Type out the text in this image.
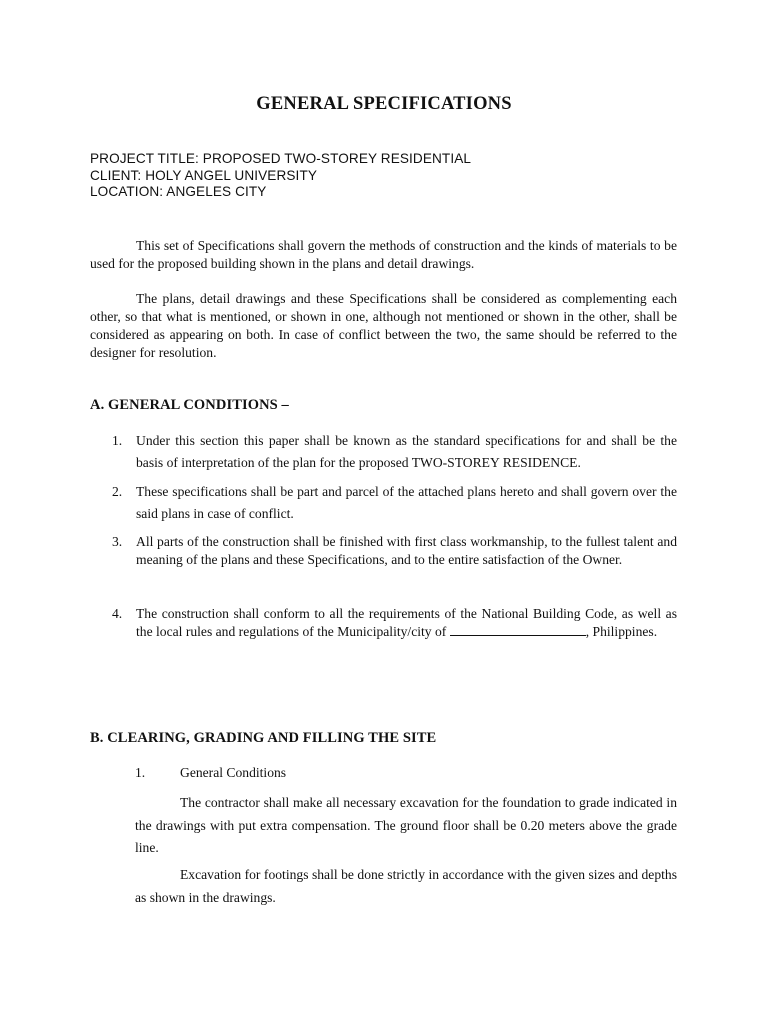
GENERAL SPECIFICATIONS
PROJECT TITLE: PROPOSED TWO-STOREY RESIDENTIAL
CLIENT: HOLY ANGEL UNIVERSITY
LOCATION: ANGELES CITY

This set of Specifications shall govern the methods of construction and the kinds of materials to be used for the proposed building shown in the plans and detail drawings.

The plans, detail drawings and these Specifications shall be considered as complementing each other, so that what is mentioned, or shown in one, although not mentioned or shown in the other, shall be considered as appearing on both. In case of conflict between the two, the same should be referred to the designer for resolution.

A. GENERAL CONDITIONS –
1. Under this section this paper shall be known as the standard specifications for and shall be the basis of interpretation of the plan for the proposed TWO-STOREY RESIDENCE.
2. These specifications shall be part and parcel of the attached plans hereto and shall govern over the said plans in case of conflict.
3. All parts of the construction shall be finished with first class workmanship, to the fullest talent and meaning of the plans and these Specifications, and to the entire satisfaction of the Owner.
4. The construction shall conform to all the requirements of the National Building Code, as well as the local rules and regulations of the Municipality/city of	, Philippines.
B. CLEARING, GRADING AND FILLING THE SITE
1.	General Conditions

The contractor shall make all necessary excavation for the foundation to grade indicated in the drawings with put extra compensation. The ground floor shall be 0.20 meters above the grade line.

Excavation for footings shall be done strictly in accordance with the given sizes and depths as shown in the drawings.
